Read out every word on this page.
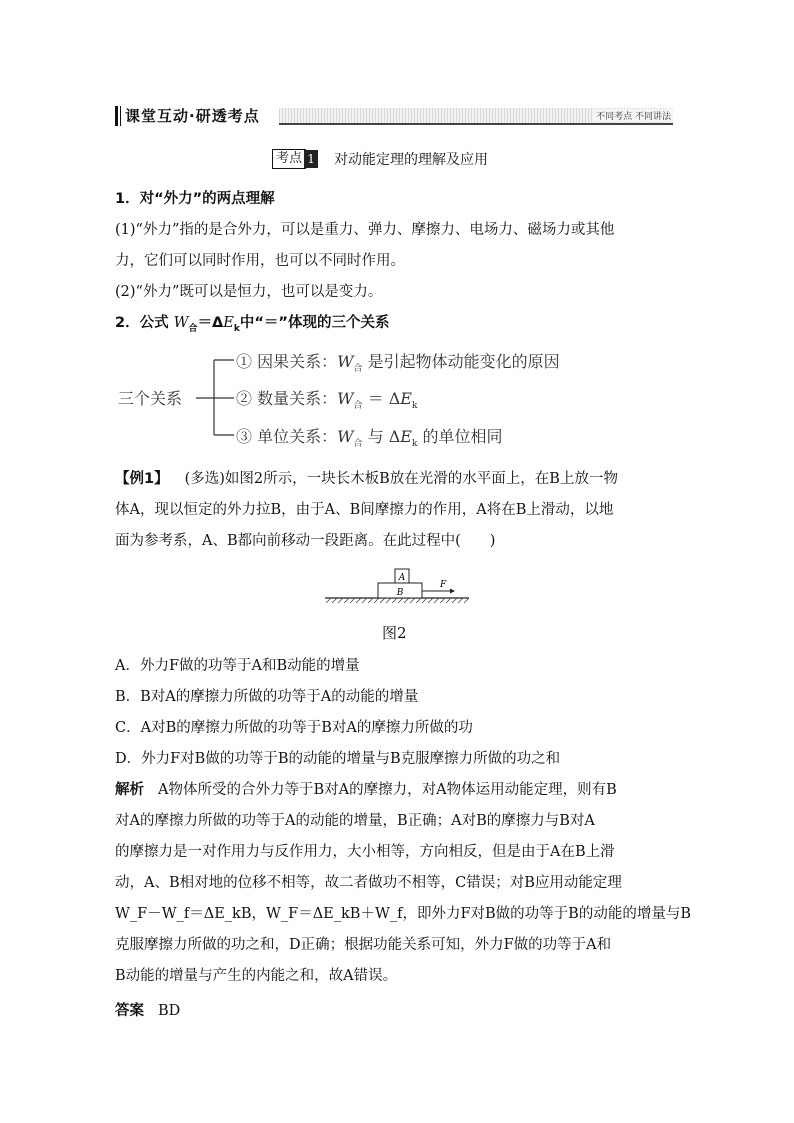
课堂互动·研透考点	不同考点 不同讲法
考点 1 对动能定理的理解及应用
1．对“外力”的两点理解
(1)“外力”指的是合外力，可以是重力、弹力、摩擦力、电场力、磁场力或其他
力，它们可以同时作用，也可以不同时作用。
(2)“外力”既可以是恒力，也可以是变力。
2．公式 $W_合=\Delta E_k$中“＝”体现的三个关系
三个关系
① 因果关系：$W_合$ 是引起物体动能变化的原因
② 数量关系：$W_合 = \Delta E_k$
③ 单位关系：$W_合$ 与 $\Delta E_k$ 的单位相同
【例1】 (多选)如图2所示，一块长木板B放在光滑的水平面上，在B上放一物
体A，现以恒定的外力拉B，由于A、B间摩擦力的作用，A将在B上滑动，以地
面为参考系，A、B都向前移动一段距离。在此过程中(　　)
A
B
F
图2
A．外力F做的功等于A和B动能的增量
B．B对A的摩擦力所做的功等于A的动能的增量
C．A对B的摩擦力所做的功等于B对A的摩擦力所做的功
D．外力F对B做的功等于B的动能的增量与B克服摩擦力所做的功之和
解析 A物体所受的合外力等于B对A的摩擦力，对A物体运用动能定理，则有B
对A的摩擦力所做的功等于A的动能的增量，B正确；A对B的摩擦力与B对A
的摩擦力是一对作用力与反作用力，大小相等，方向相反，但是由于A在B上滑
动，A、B相对地的位移不相等，故二者做功不相等，C错误；对B应用动能定理
W_F－W_f＝ΔE_kB，W_F＝ΔE_kB＋W_f，即外力F对B做的功等于B的动能的增量与B
克服摩擦力所做的功之和，D正确；根据功能关系可知，外力F做的功等于A和
B动能的增量与产生的内能之和，故A错误。
答案 BD
